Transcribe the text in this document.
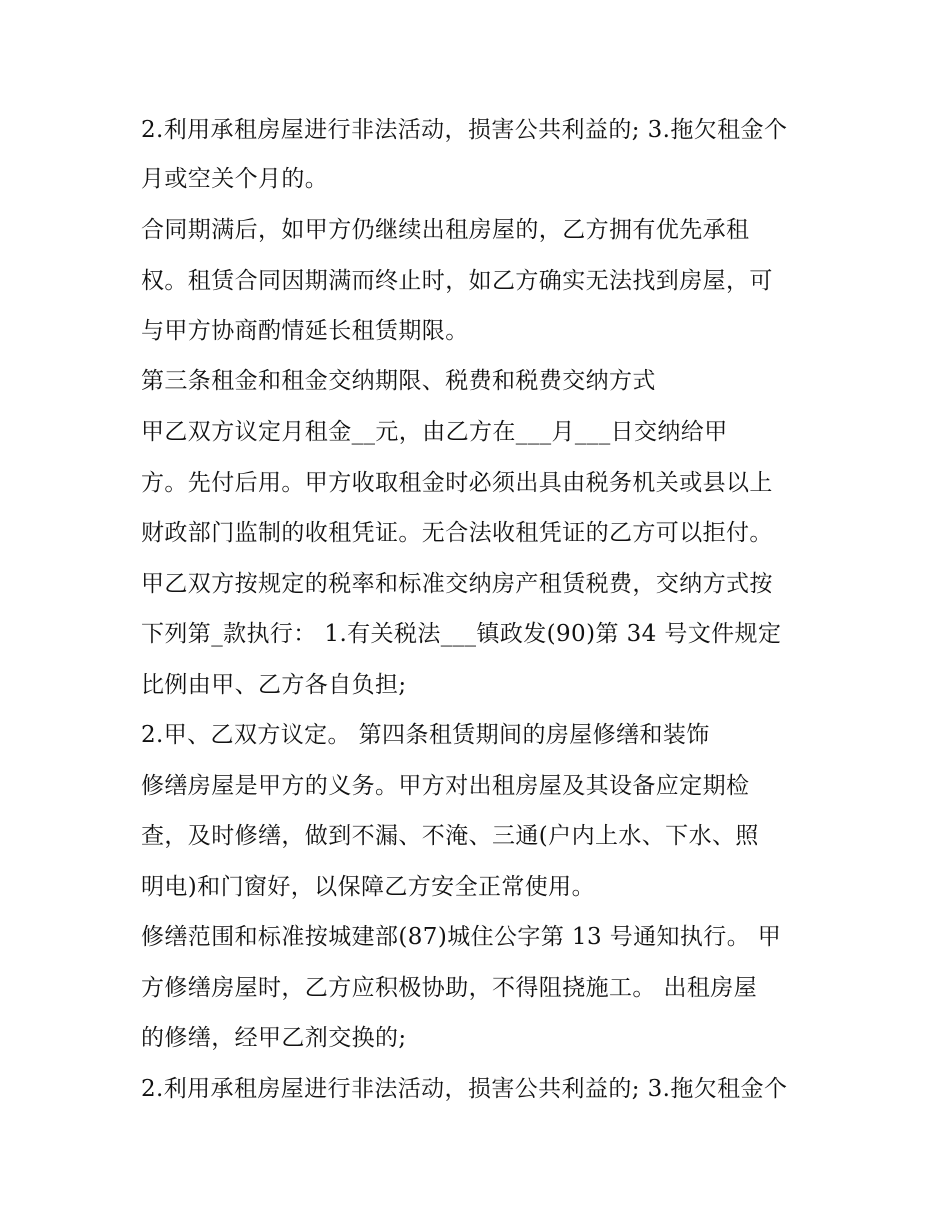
2.利用承租房屋进行非法活动，损害公共利益的; 3.拖欠租金个
月或空关个月的。
合同期满后，如甲方仍继续出租房屋的，乙方拥有优先承租
权。租赁合同因期满而终止时，如乙方确实无法找到房屋，可
与甲方协商酌情延长租赁期限。
第三条租金和租金交纳期限、税费和税费交纳方式
甲乙双方议定月租金__元，由乙方在___月___日交纳给甲
方。先付后用。甲方收取租金时必须出具由税务机关或县以上
财政部门监制的收租凭证。无合法收租凭证的乙方可以拒付。
甲乙双方按规定的税率和标准交纳房产租赁税费，交纳方式按
下列第_款执行： 1.有关税法___镇政发(90)第 34 号文件规定
比例由甲、乙方各自负担;
2.甲、乙双方议定。 第四条租赁期间的房屋修缮和装饰
修缮房屋是甲方的义务。甲方对出租房屋及其设备应定期检
查，及时修缮，做到不漏、不淹、三通(户内上水、下水、照
明电)和门窗好，以保障乙方安全正常使用。
修缮范围和标准按城建部(87)城住公字第 13 号通知执行。 甲
方修缮房屋时，乙方应积极协助，不得阻挠施工。 出租房屋
的修缮，经甲乙剂交换的;
2.利用承租房屋进行非法活动，损害公共利益的; 3.拖欠租金个
